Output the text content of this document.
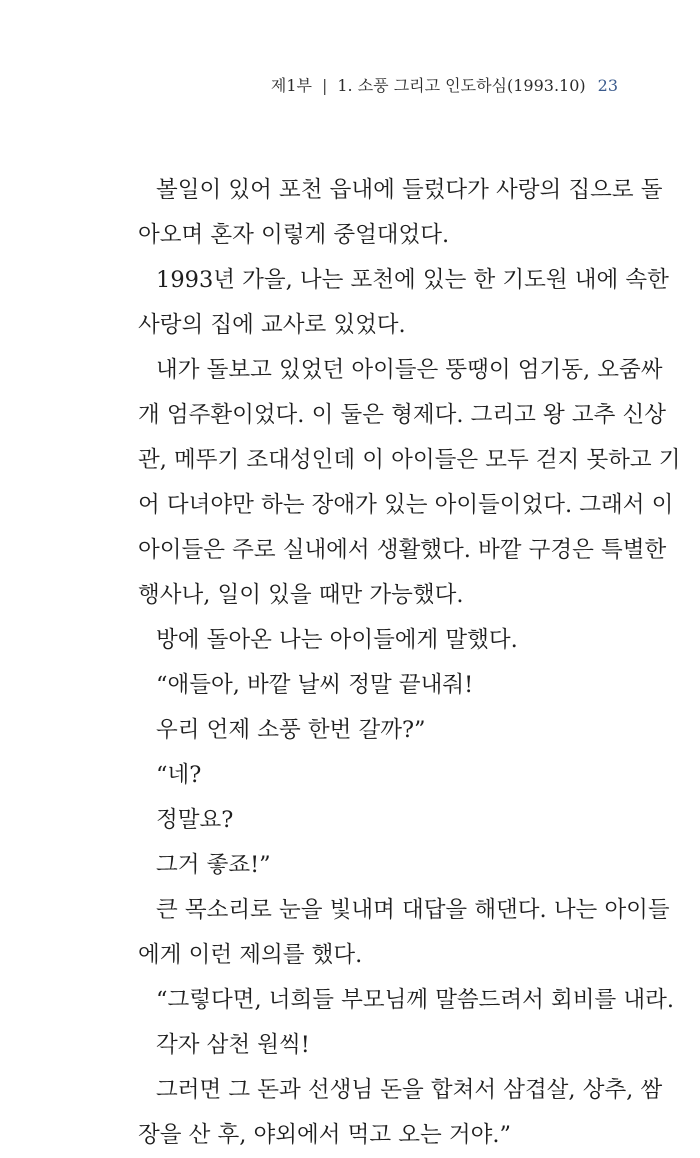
제1부 | 1. 소풍 그리고 인도하심(1993.10) 23
볼일이 있어 포천 읍내에 들렀다가 사랑의 집으로 돌
아오며 혼자 이렇게 중얼대었다.
1993년 가을, 나는 포천에 있는 한 기도원 내에 속한
사랑의 집에 교사로 있었다.
내가 돌보고 있었던 아이들은 뚱땡이 엄기동, 오줌싸
개 엄주환이었다. 이 둘은 형제다. 그리고 왕 고추 신상
관, 메뚜기 조대성인데 이 아이들은 모두 걷지 못하고 기
어 다녀야만 하는 장애가 있는 아이들이었다. 그래서 이
아이들은 주로 실내에서 생활했다. 바깥 구경은 특별한
행사나, 일이 있을 때만 가능했다.
방에 돌아온 나는 아이들에게 말했다.
“애들아, 바깥 날씨 정말 끝내줘!
우리 언제 소풍 한번 갈까?”
“네?
정말요?
그거 좋죠!”
큰 목소리로 눈을 빛내며 대답을 해댄다. 나는 아이들
에게 이런 제의를 했다.
“그렇다면, 너희들 부모님께 말씀드려서 회비를 내라.
각자 삼천 원씩!
그러면 그 돈과 선생님 돈을 합쳐서 삼겹살, 상추, 쌈
장을 산 후, 야외에서 먹고 오는 거야.”
